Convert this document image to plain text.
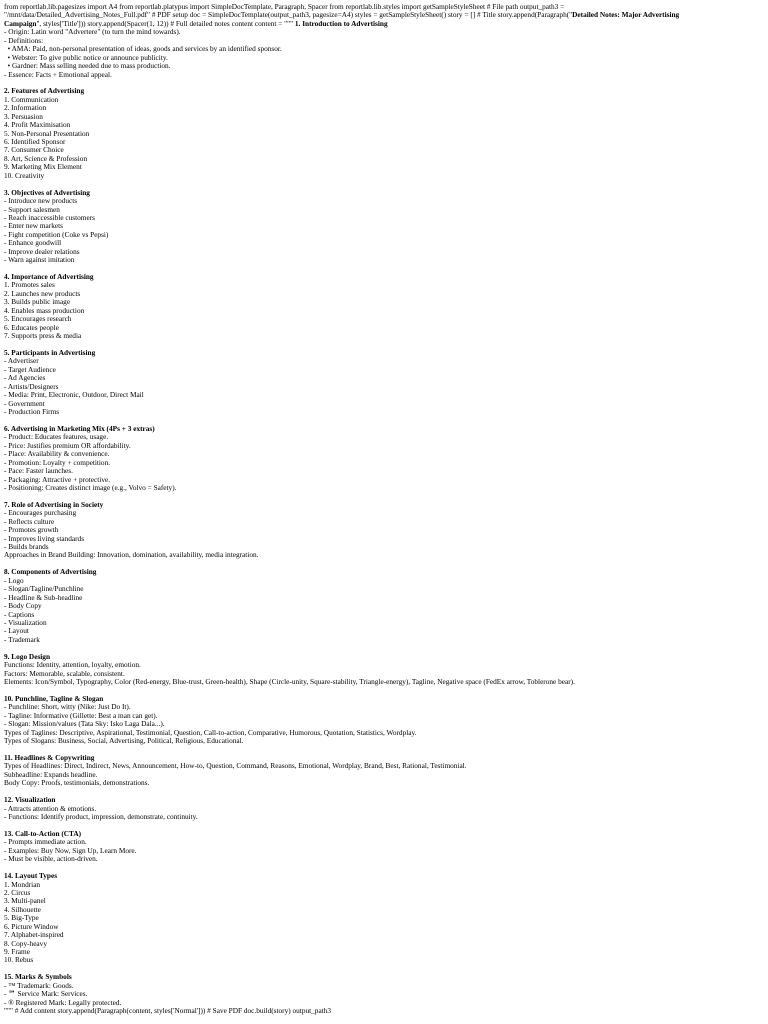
from reportlab.lib.pagesizes import A4 from reportlab.platypus import SimpleDocTemplate, Paragraph, Spacer from reportlab.lib.styles import getSampleStyleSheet # File path output_path3 =
"/mnt/data/Detailed_Advertising_Notes_Full.pdf" # PDF setup doc = SimpleDocTemplate(output_path3, pagesize=A4) styles = getSampleStyleSheet() story = [] # Title story.append(Paragraph("Detailed Notes: Major Advertising
Campaign", styles['Title'])) story.append(Spacer(1, 12)) # Full detailed notes content content = """ 1. Introduction to Advertising
- Origin: Latin word "Advertere" (to turn the mind towards).
- Definitions:
• AMA: Paid, non-personal presentation of ideas, goods and services by an identified sponsor.
• Webster: To give public notice or announce publicity.
• Gardner: Mass selling needed due to mass production.
- Essence: Facts + Emotional appeal.
2. Features of Advertising
1. Communication
2. Information
3. Persuasion
4. Profit Maximisation
5. Non-Personal Presentation
6. Identified Sponsor
7. Consumer Choice
8. Art, Science & Profession
9. Marketing Mix Element
10. Creativity
3. Objectives of Advertising
- Introduce new products
- Support salesmen
- Reach inaccessible customers
- Enter new markets
- Fight competition (Coke vs Pepsi)
- Enhance goodwill
- Improve dealer relations
- Warn against imitation
4. Importance of Advertising
1. Promotes sales
2. Launches new products
3. Builds public image
4. Enables mass production
5. Encourages research
6. Educates people
7. Supports press & media
5. Participants in Advertising
- Advertiser
- Target Audience
- Ad Agencies
- Artists/Designers
- Media: Print, Electronic, Outdoor, Direct Mail
- Government
- Production Firms
6. Advertising in Marketing Mix (4Ps + 3 extras)
- Product: Educates features, usage.
- Price: Justifies premium OR affordability.
- Place: Availability & convenience.
- Promotion: Loyalty + competition.
- Pace: Faster launches.
- Packaging: Attractive + protective.
- Positioning: Creates distinct image (e.g., Volvo = Safety).
7. Role of Advertising in Society
- Encourages purchasing
- Reflects culture
- Promotes growth
- Improves living standards
- Builds brands
Approaches in Brand Building: Innovation, domination, availability, media integration.
8. Components of Advertising
- Logo
- Slogan/Tagline/Punchline
- Headline & Sub-headline
- Body Copy
- Captions
- Visualization
- Layout
- Trademark
9. Logo Design
Functions: Identity, attention, loyalty, emotion.
Factors: Memorable, scalable, consistent.
Elements: Icon/Symbol, Typography, Color (Red-energy, Blue-trust, Green-health), Shape (Circle-unity, Square-stability, Triangle-energy), Tagline, Negative space (FedEx arrow, Toblerone bear).
10. Punchline, Tagline & Slogan
- Punchline: Short, witty (Nike: Just Do It).
- Tagline: Informative (Gillette: Best a man can get).
- Slogan: Mission/values (Tata Sky: Isko Laga Dala...).
Types of Taglines: Descriptive, Aspirational, Testimonial, Question, Call-to-action, Comparative, Humorous, Quotation, Statistics, Wordplay.
Types of Slogans: Business, Social, Advertising, Political, Religious, Educational.
11. Headlines & Copywriting
Types of Headlines: Direct, Indirect, News, Announcement, How-to, Question, Command, Reasons, Emotional, Wordplay, Brand, Best, Rational, Testimonial.
Subheadline: Expands headline.
Body Copy: Proofs, testimonials, demonstrations.
12. Visualization
- Attracts attention & emotions.
- Functions: Identify product, impression, demonstrate, continuity.
13. Call-to-Action (CTA)
- Prompts immediate action.
- Examples: Buy Now, Sign Up, Learn More.
- Must be visible, action-driven.
14. Layout Types
1. Mondrian
2. Circus
3. Multi-panel
4. Silhouette
5. Big-Type
6. Picture Window
7. Alphabet-inspired
8. Copy-heavy
9. Frame
10. Rebus
15. Marks & Symbols
- ™ Trademark: Goods.
- ℠ Service Mark: Services.
- ® Registered Mark: Legally protected.
""" # Add content story.append(Paragraph(content, styles['Normal'])) # Save PDF doc.build(story) output_path3
